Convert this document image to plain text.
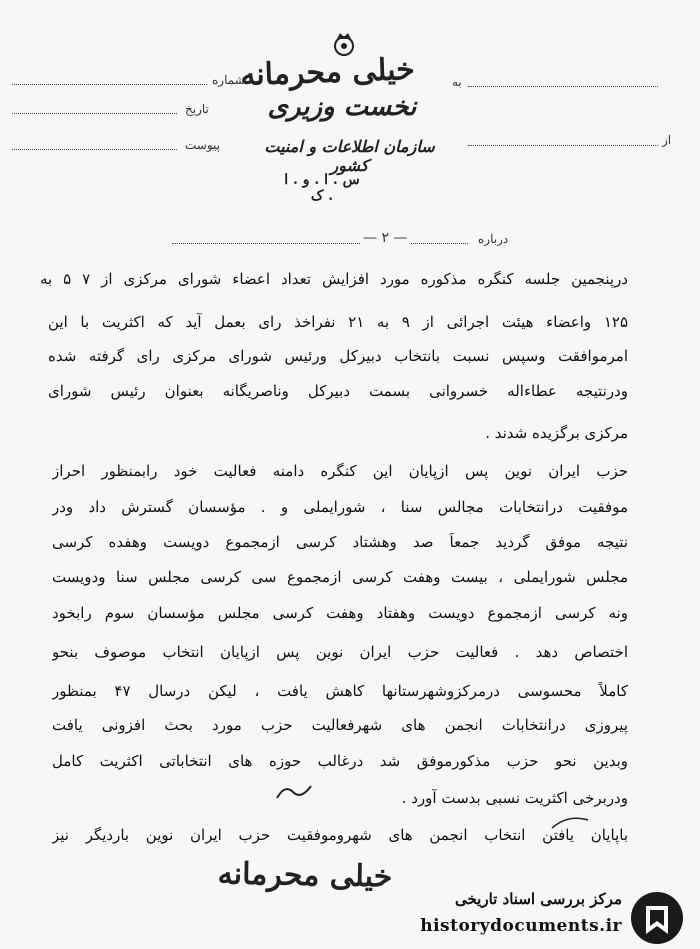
خیلی محرمانه
نخست وزیری
سازمان اطلاعات و امنیت کشور
س . ا . و . ا . ک
شماره
تاریخ
پیوست
به
از
درباره
— ۲ —
درپنجمین جلسه کنگره مذکوره مورد افزایش تعداد اعضاء شورای مرکزی از ۷ ۵ به
۱۲۵ واعضاء هیئت اجرائی از ۹ به ۲۱ نفراخذ رای بعمل آید که اکثریت با این
امرموافقت وسپس نسبت بانتخاب دبیرکل ورئیس شورای مرکزی رای گرفته شده
ودرنتیجه عطاءاله خسروانی بسمت دبیرکل وناصریگانه بعنوان رئیس شورای
مرکزی برگزیده شدند .
حزب ایران نوین پس ازپایان این کنگره دامنه فعالیت خود رابمنظور احراز
موفقیت درانتخابات مجالس سنا ، شورایملی و . مؤسسان گسترش داد ودر
نتیجه موفق گردید جمعاً صد وهشتاد کرسی ازمجموع دویست وهفده کرسی
مجلس شورایملی ، بیست وهفت کرسی ازمجموع سی کرسی مجلس سنا ودویست
ونه کرسی ازمجموع دویست وهفتاد وهفت کرسی مجلس مؤسسان سوم رابخود
اختصاص دهد . فعالیت حزب ایران نوین پس ازپایان انتخاب موصوف بنحو
کاملاً محسوسی درمرکزوشهرستانها کاهش یافت ، لیکن درسال ۴۷ بمنظور
پیروزی درانتخابات انجمن های شهرفعالیت حزب مورد بحث افزونی یافت
وبدین نحو حزب مذکورموفق شد درغالب حوزه های انتخاباتی اکثریت کامل
ودربرخی اکثریت نسبی بدست آورد .
باپایان یافتن انتخاب انجمن های شهروموفقیت حزب ایران نوین باردیگر نیز
خیلی محرمانه
مرکز بررسی اسناد تاریخی
historydocuments.ir
